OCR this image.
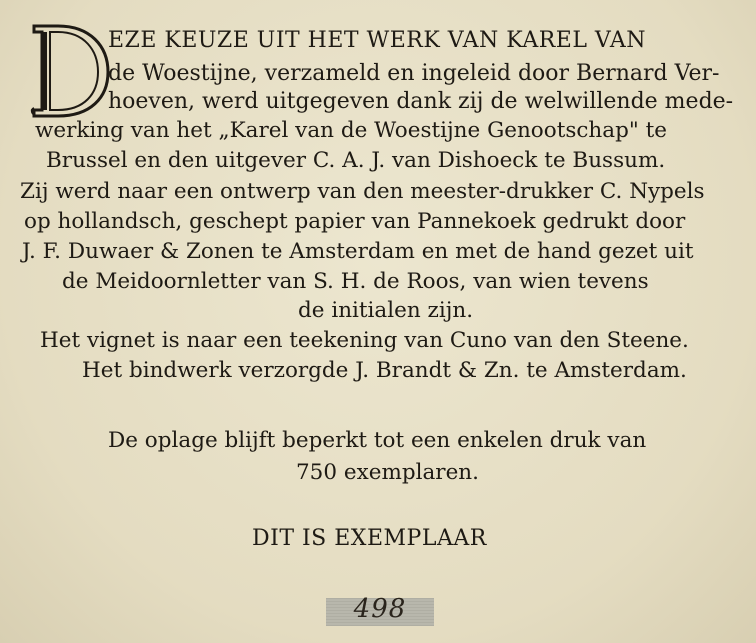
EZE KEUZE UIT HET WERK VAN KAREL VAN
de Woestijne, verzameld en ingeleid door Bernard Ver-
hoeven, werd uitgegeven dank zij de welwillende mede-
werking van het „Karel van de Woestijne Genootschap" te
Brussel en den uitgever C. A. J. van Dishoeck te Bussum.
Zij werd naar een ontwerp van den meester-drukker C. Nypels
op hollandsch, geschept papier van Pannekoek gedrukt door
J. F. Duwaer & Zonen te Amsterdam en met de hand gezet uit
de Meidoornletter van S. H. de Roos, van wien tevens
de initialen zijn.
Het vignet is naar een teekening van Cuno van den Steene.
Het bindwerk verzorgde J. Brandt & Zn. te Amsterdam.
De oplage blijft beperkt tot een enkelen druk van
750 exemplaren.
DIT IS EXEMPLAAR
498
